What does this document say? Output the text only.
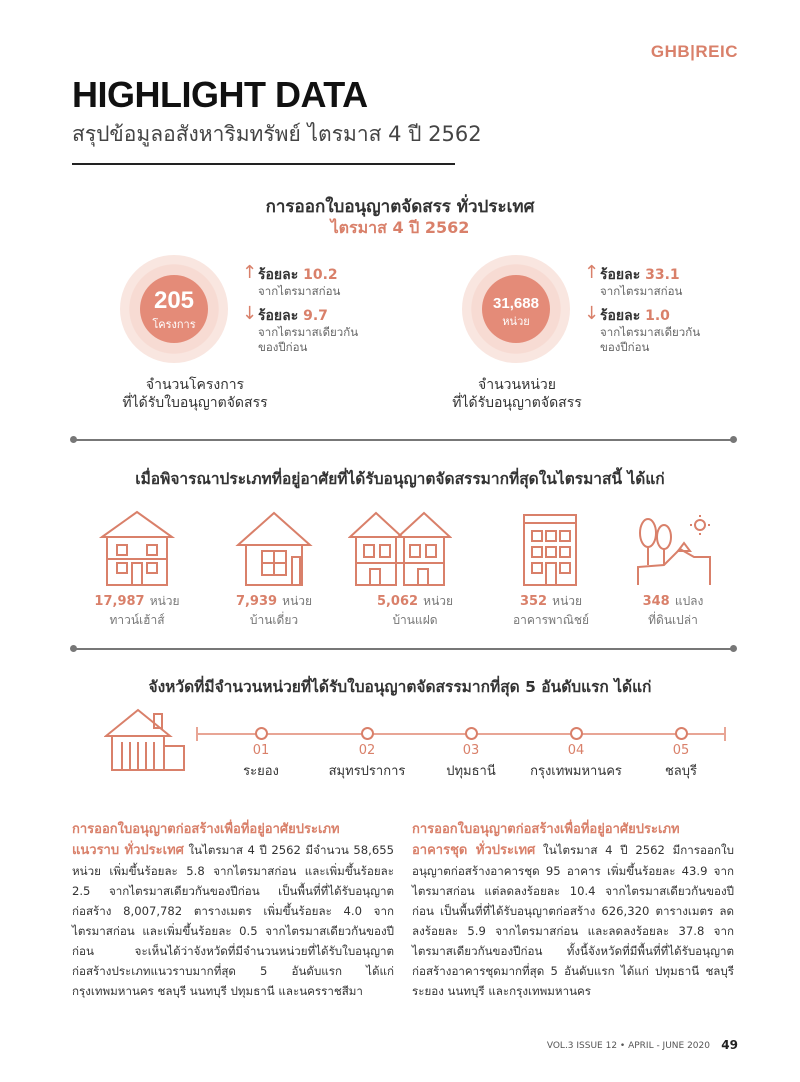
GHB|REIC
HIGHLIGHT DATA
สรุปข้อมูลอสังหาริมทรัพย์ ไตรมาส 4 ปี 2562
การออกใบอนุญาตจัดสรร ทั่วประเทศ
ไตรมาส 4 ปี 2562
205
โครงการ
↑ ร้อยละ 10.2
จากไตรมาสก่อน
↓ ร้อยละ 9.7
จากไตรมาสเดียวกัน
ของปีก่อน
จำนวนโครงการ
ที่ได้รับใบอนุญาตจัดสรร
31,688
หน่วย
↑ ร้อยละ 33.1
จากไตรมาสก่อน
↓ ร้อยละ 1.0
จากไตรมาสเดียวกัน
ของปีก่อน
จำนวนหน่วย
ที่ได้รับอนุญาตจัดสรร
เมื่อพิจารณาประเภทที่อยู่อาศัยที่ได้รับอนุญาตจัดสรรมากที่สุดในไตรมาสนี้ ได้แก่
17,987 หน่วย
ทาวน์เฮ้าส์
7,939 หน่วย
บ้านเดี่ยว
5,062 หน่วย
บ้านแฝด
352 หน่วย
อาคารพาณิชย์
348 แปลง
ที่ดินเปล่า
จังหวัดที่มีจำนวนหน่วยที่ได้รับใบอนุญาตจัดสรรมากที่สุด 5 อันดับแรก ได้แก่
01	02	03	04	05
ระยอง	สมุทรปราการ	ปทุมธานี	กรุงเทพมหานคร	ชลบุรี
การออกใบอนุญาตก่อสร้างเพื่อที่อยู่อาศัยประเภท
แนวราบ ทั่วประเทศ ในไตรมาส 4 ปี 2562 มีจำนวน 58,655 หน่วย เพิ่มขึ้นร้อยละ 5.8 จากไตรมาสก่อน และเพิ่มขึ้นร้อยละ 2.5 จากไตรมาสเดียวกันของปีก่อน เป็นพื้นที่ที่ได้รับอนุญาตก่อสร้าง 8,007,782 ตารางเมตร เพิ่มขึ้นร้อยละ 4.0 จากไตรมาสก่อน และเพิ่มขึ้นร้อยละ 0.5 จากไตรมาสเดียวกันของปีก่อน จะเห็นได้ว่าจังหวัดที่มีจำนวนหน่วยที่ได้รับใบอนุญาตก่อสร้างประเภทแนวราบมากที่สุด 5 อันดับแรก ได้แก่ กรุงเทพมหานคร ชลบุรี นนทบุรี ปทุมธานี และนครราชสีมา
การออกใบอนุญาตก่อสร้างเพื่อที่อยู่อาศัยประเภท
อาคารชุด ทั่วประเทศ ในไตรมาส 4 ปี 2562 มีการออกใบอนุญาตก่อสร้างอาคารชุด 95 อาคาร เพิ่มขึ้นร้อยละ 43.9 จากไตรมาสก่อน แต่ลดลงร้อยละ 10.4 จากไตรมาสเดียวกันของปีก่อน เป็นพื้นที่ที่ได้รับอนุญาตก่อสร้าง 626,320 ตารางเมตร ลดลงร้อยละ 5.9 จากไตรมาสก่อน และลดลงร้อยละ 37.8 จากไตรมาสเดียวกันของปีก่อน ทั้งนี้จังหวัดที่มีพื้นที่ที่ได้รับอนุญาตก่อสร้างอาคารชุดมากที่สุด 5 อันดับแรก ได้แก่ ปทุมธานี ชลบุรี ระยอง นนทบุรี และกรุงเทพมหานคร
VOL.3 ISSUE 12 • APRIL - JUNE 2020 49
